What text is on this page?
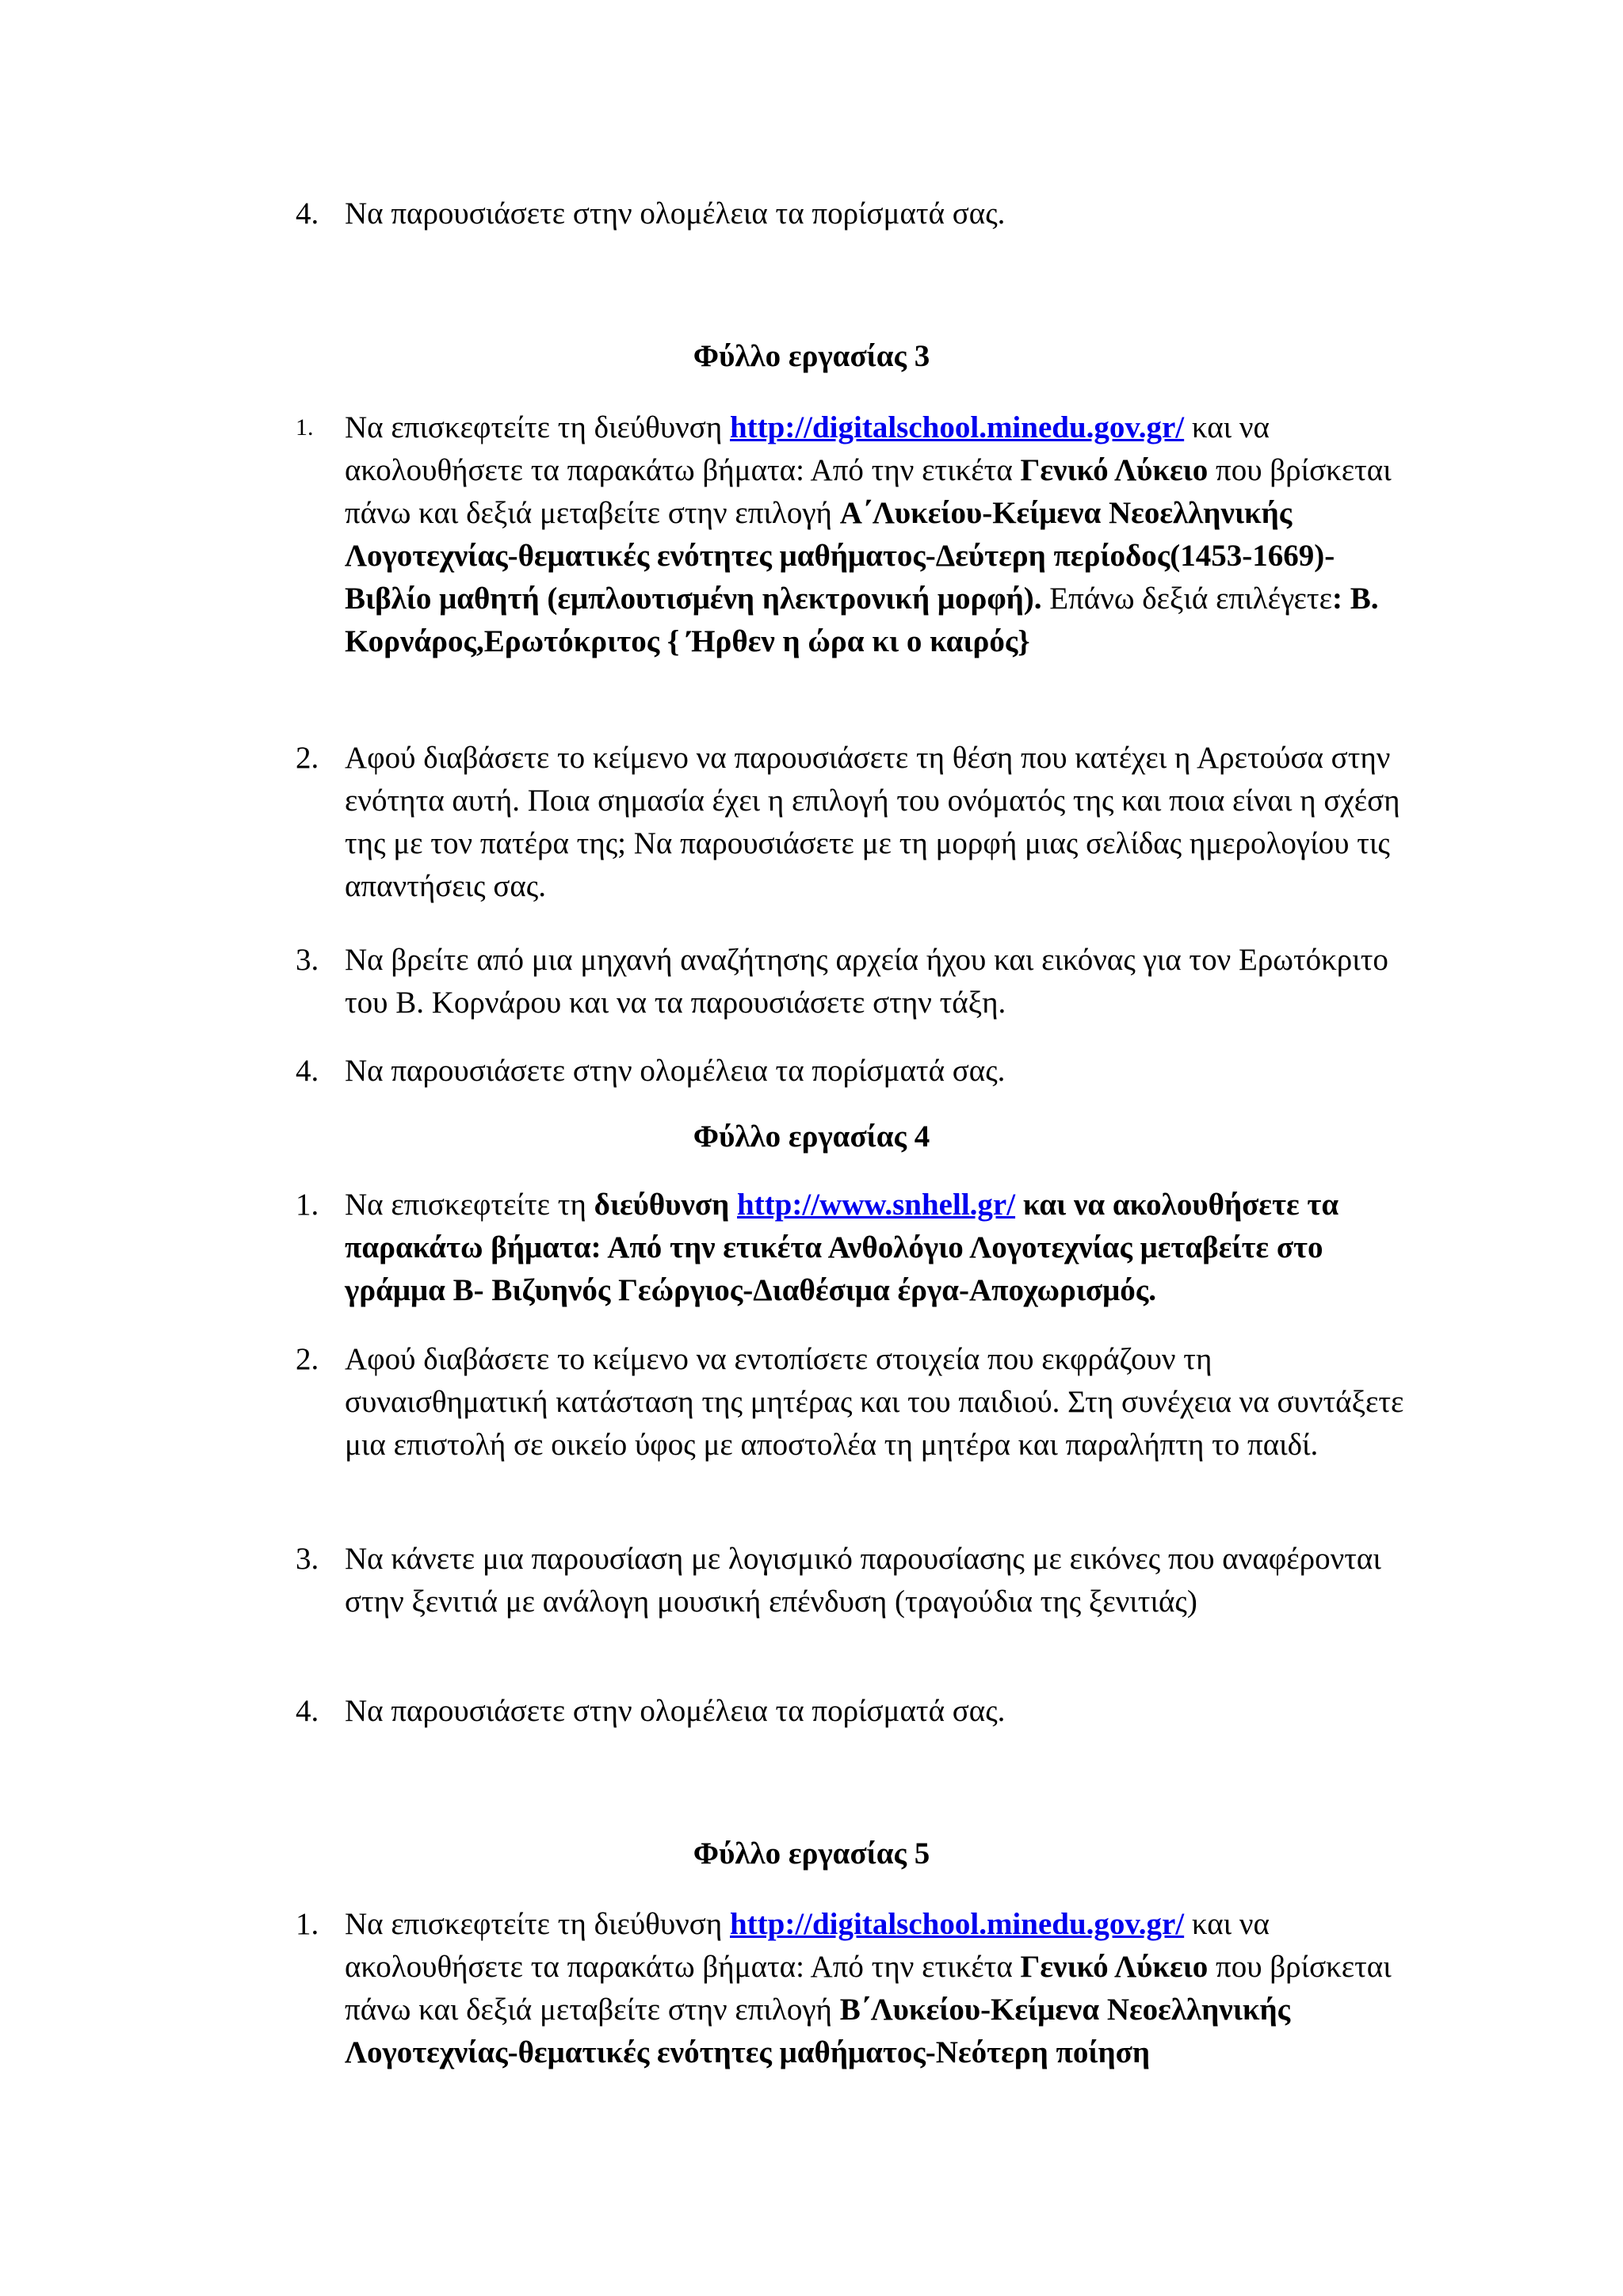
4. Να παρουσιάσετε στην ολομέλεια τα πορίσματά σας.
Φύλλο εργασίας 3
1.	Να επισκεφτείτε τη διεύθυνση http://digitalschool.minedu.gov.gr/ και να ακολουθήσετε τα παρακάτω βήματα: Από την ετικέτα Γενικό Λύκειο που βρίσκεται πάνω και δεξιά μεταβείτε στην επιλογή Α΄Λυκείου-Κείμενα Νεοελληνικής Λογοτεχνίας-θεματικές ενότητες μαθήματος-Δεύτερη περίοδος(1453-1669)-Βιβλίο μαθητή (εμπλουτισμένη ηλεκτρονική μορφή). Επάνω δεξιά επιλέγετε: Β. Κορνάρος,Ερωτόκριτος { Ήρθεν η ώρα κι ο καιρός}
2. Αφού διαβάσετε το κείμενο να παρουσιάσετε τη θέση που κατέχει η Αρετούσα στην ενότητα αυτή. Ποια σημασία έχει η επιλογή του ονόματός της και ποια είναι η σχέση της με τον πατέρα της; Να παρουσιάσετε με τη μορφή μιας σελίδας ημερολογίου τις απαντήσεις σας.
3. Να βρείτε από μια μηχανή αναζήτησης αρχεία ήχου και εικόνας για τον Ερωτόκριτο του Β. Κορνάρου και να τα παρουσιάσετε στην τάξη.
4. Να παρουσιάσετε στην ολομέλεια τα πορίσματά σας.
Φύλλο εργασίας 4
1. Να επισκεφτείτε τη διεύθυνση http://www.snhell.gr/ και να ακολουθήσετε τα παρακάτω βήματα: Από την ετικέτα Ανθολόγιο Λογοτεχνίας μεταβείτε στο γράμμα Β- Βιζυηνός Γεώργιος-Διαθέσιμα έργα-Αποχωρισμός.
2. Αφού διαβάσετε το κείμενο να εντοπίσετε στοιχεία που εκφράζουν τη συναισθηματική κατάσταση της μητέρας και του παιδιού. Στη συνέχεια να συντάξετε μια επιστολή σε οικείο ύφος με αποστολέα τη μητέρα και παραλήπτη το παιδί.
3. Να κάνετε μια παρουσίαση με λογισμικό παρουσίασης με εικόνες που αναφέρονται στην ξενιτιά με ανάλογη μουσική επένδυση (τραγούδια της ξενιτιάς)
4. Να παρουσιάσετε στην ολομέλεια τα πορίσματά σας.
Φύλλο εργασίας 5
1. Να επισκεφτείτε τη διεύθυνση http://digitalschool.minedu.gov.gr/ και να ακολουθήσετε τα παρακάτω βήματα: Από την ετικέτα Γενικό Λύκειο που βρίσκεται πάνω και δεξιά μεταβείτε στην επιλογή Β΄Λυκείου-Κείμενα Νεοελληνικής Λογοτεχνίας-θεματικές ενότητες μαθήματος-Νεότερη ποίηση
